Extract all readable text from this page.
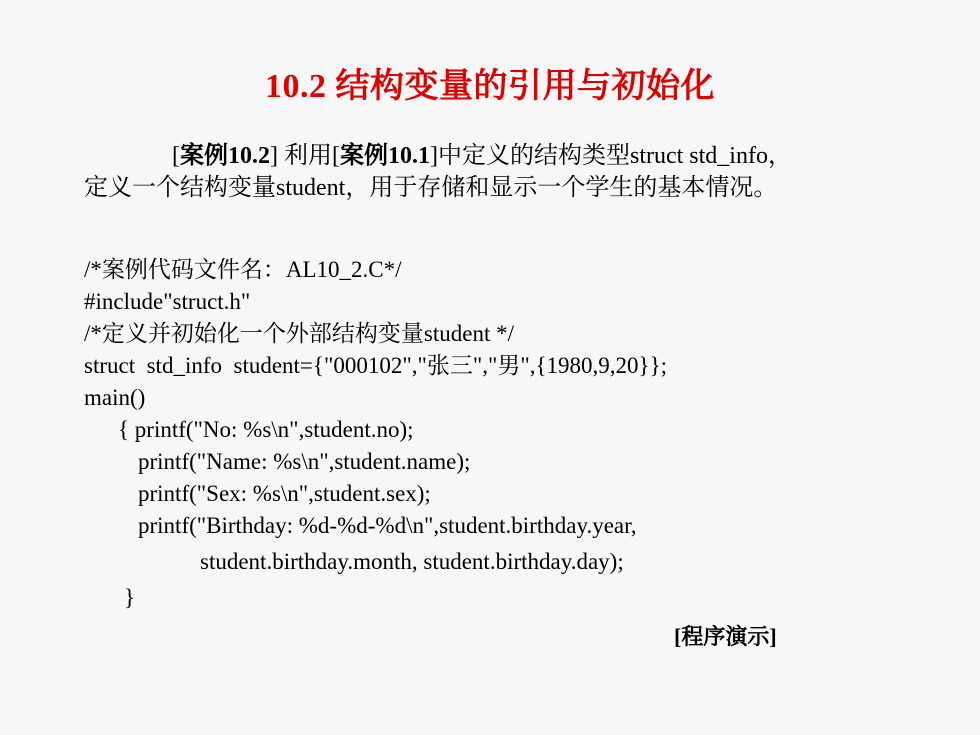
10.2 结构变量的引用与初始化
[案例10.2] 利用[案例10.1]中定义的结构类型struct std_info，
定义一个结构变量student，用于存储和显示一个学生的基本情况。
/*案例代码文件名：AL10_2.C*/
#include"struct.h"
/*定义并初始化一个外部结构变量student */
struct  std_info  student={"000102","张三","男",{1980,9,20}};
main()
{ printf("No: %s\n",student.no);
printf("Name: %s\n",student.name);
printf("Sex: %s\n",student.sex);
printf("Birthday: %d-%d-%d\n",student.birthday.year,
student.birthday.month, student.birthday.day);
}
[程序演示]
